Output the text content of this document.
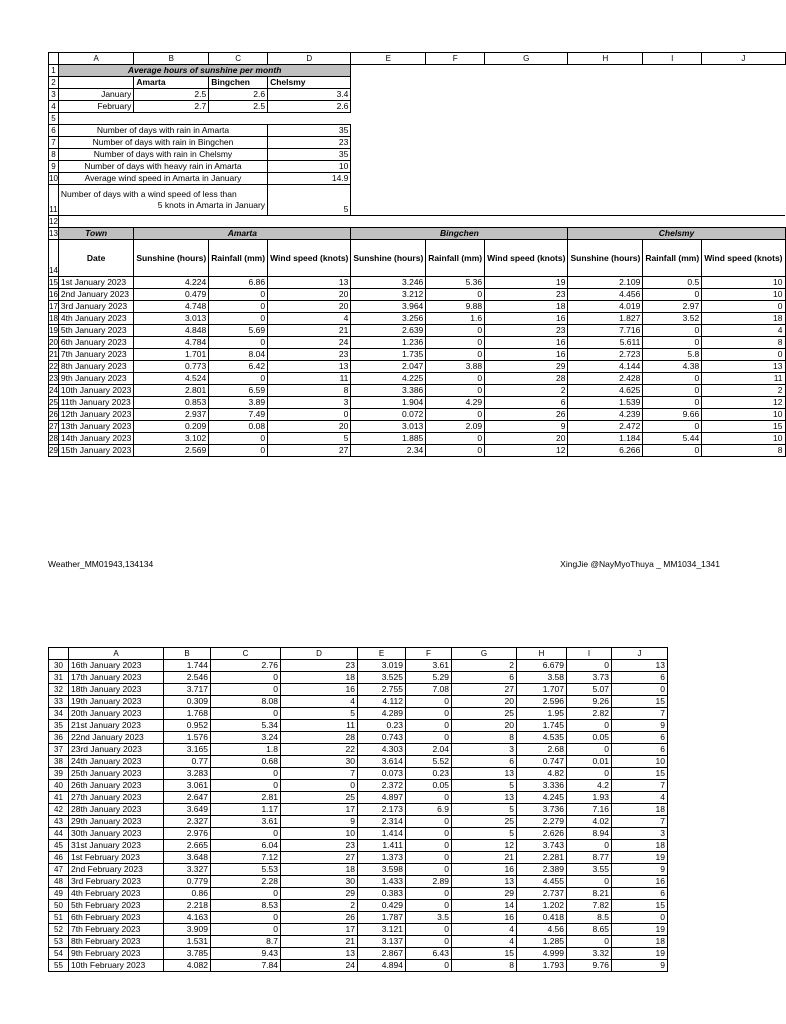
	A	B	C	D	E	F	G	H	I	J
1	Average hours of sunshine per month									
2		Amarta	Bingchen	Chelsmy						
3	January	2.5	2.6	3.4						
4	February	2.7	2.5	2.6						
5										
6	Number of days with rain in Amarta			35						
7	Number of days with rain in Bingchen			23						
8	Number of days with rain in Chelsmy			35						
9	Number of days with heavy rain in Amarta			10						
10	Average wind speed in Amarta in January			14.9						
11	Number of days with a wind speed of less than
5 knots in Amarta in January			5						
12										
13	Town	Amarta			Bingchen			Chelsmy		
14	Date	Sunshine (hours)	Rainfall (mm)	Wind speed (knots)	Sunshine (hours)	Rainfall (mm)	Wind speed (knots)	Sunshine (hours)	Rainfall (mm)	Wind speed (knots)
15	1st January 2023	4.224	6.86	13	3.246	5.36	19	2.109	0.5	10
16	2nd January 2023	0.479	0	20	3.212	0	23	4.456	0	10
17	3rd January 2023	4.748	0	20	3.964	9.88	18	4.019	2.97	0
18	4th January 2023	3.013	0	4	3.256	1.6	16	1.827	3.52	18
19	5th January 2023	4.848	5.69	21	2.639	0	23	7.716	0	4
20	6th January 2023	4.784	0	24	1.236	0	16	5.611	0	8
21	7th January 2023	1.701	8.04	23	1.735	0	16	2.723	5.8	0
22	8th January 2023	0.773	6.42	13	2.047	3.88	29	4.144	4.38	13
23	9th January 2023	4.524	0	11	4.225	0	28	2.428	0	11
24	10th January 2023	2.801	6.59	8	3.386	0	2	4.625	0	2
25	11th January 2023	0.853	3.89	3	1.904	4.29	6	1.539	0	12
26	12th January 2023	2.937	7.49	0	0.072	0	26	4.239	9.66	10
27	13th January 2023	0.209	0.08	20	3.013	2.09	9	2.472	0	15
28	14th January 2023	3.102	0	5	1.885	0	20	1.184	5.44	10
29	15th January 2023	2.569	0	27	2.34	0	12	6.266	0	8
Weather_MM01943,134134	XingJie @NayMyoThuya _ MM1034_1341
	A	B	C	D	E	F	G	H	I	J
30	16th January 2023	1.744	2.76	23	3.019	3.61	2	6.679	0	13
31	17th January 2023	2.546	0	18	3.525	5.29	6	3.58	3.73	6
32	18th January 2023	3.717	0	16	2.755	7.08	27	1.707	5.07	0
33	19th January 2023	0.309	8.08	4	4.112	0	20	2.596	9.26	15
34	20th January 2023	1.768	0	5	4.289	0	25	1.95	2.82	7
35	21st January 2023	0.952	5.34	11	0.23	0	20	1.745	0	9
36	22nd January 2023	1.576	3.24	28	0.743	0	8	4.535	0.05	6
37	23rd January 2023	3.165	1.8	22	4.303	2.04	3	2.68	0	6
38	24th January 2023	0.77	0.68	30	3.614	5.52	6	0.747	0.01	10
39	25th January 2023	3.283	0	7	0.073	0.23	13	4.82	0	15
40	26th January 2023	3.061	0	0	2.372	0.05	5	3.336	4.2	7
41	27th January 2023	2.647	2.81	25	4.897	0	13	4.245	1.93	4
42	28th January 2023	3.649	1.17	17	2.173	6.9	5	3.736	7.16	18
43	29th January 2023	2.327	3.61	9	2.314	0	25	2.279	4.02	7
44	30th January 2023	2.976	0	10	1.414	0	5	2.626	8.94	3
45	31st January 2023	2.665	6.04	23	1.411	0	12	3.743	0	18
46	1st February 2023	3.648	7.12	27	1.373	0	21	2.281	8.77	19
47	2nd February 2023	3.327	5.53	18	3.598	0	16	2.389	3.55	9
48	3rd February 2023	0.779	2.28	30	1.433	2.89	13	4.455	0	16
49	4th February 2023	0.86	0	29	0.383	0	29	2.737	8.21	6
50	5th February 2023	2.218	8.53	2	0.429	0	14	1.202	7.82	15
51	6th February 2023	4.163	0	26	1.787	3.5	16	0.418	8.5	0
52	7th February 2023	3.909	0	17	3.121	0	4	4.56	8.65	19
53	8th February 2023	1.531	8.7	21	3.137	0	4	1.285	0	18
54	9th February 2023	3.785	9.43	13	2.867	6.43	15	4.999	3.32	19
55	10th February 2023	4.082	7.84	24	4.894	0	8	1.793	9.76	9
